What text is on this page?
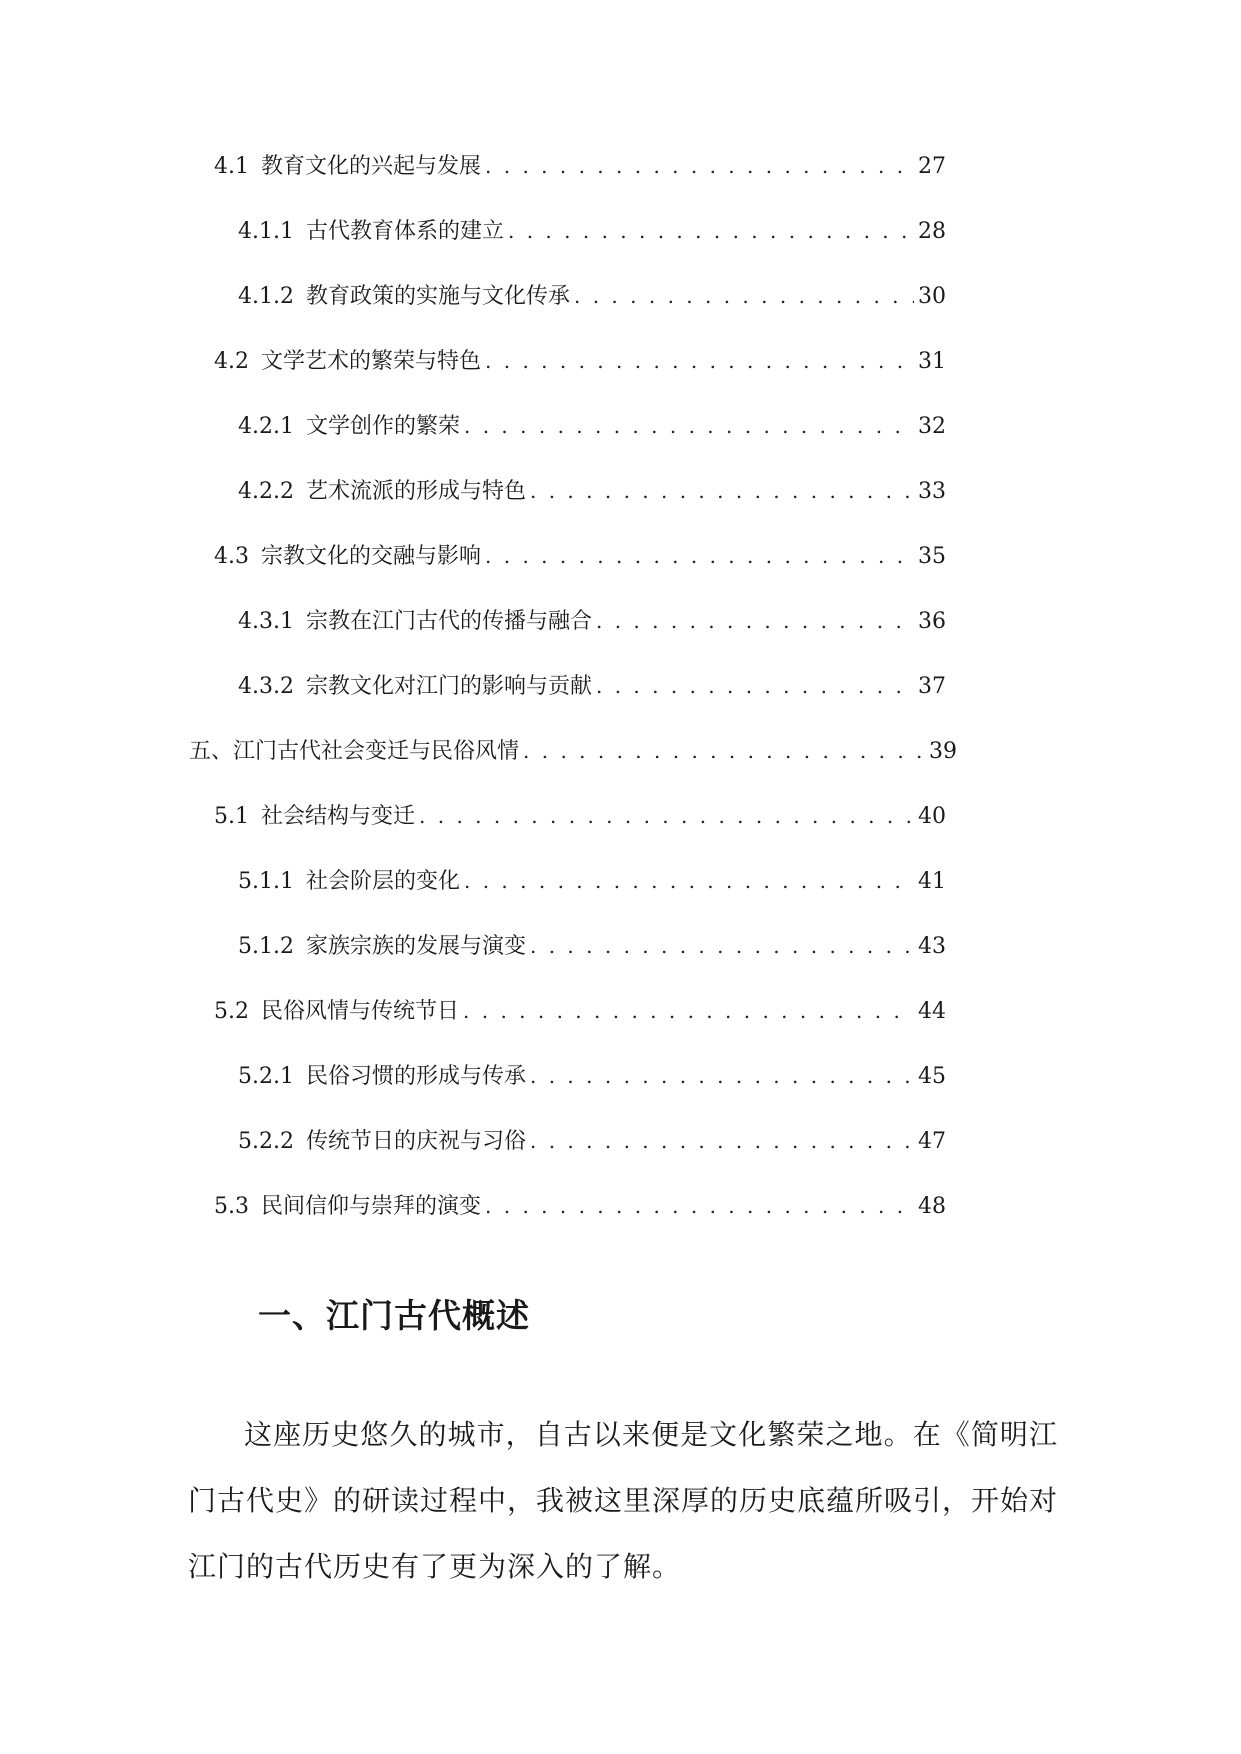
4.1 教育文化的兴起与发展 . . .	27
4.1.1 古代教育体系的建立 . . .	28
4.1.2 教育政策的实施与文化传承 . . .	30
4.2 文学艺术的繁荣与特色 . . .	31
4.2.1 文学创作的繁荣 . . .	32
4.2.2 艺术流派的形成与特色 . . .	33
4.3 宗教文化的交融与影响 . . .	35
4.3.1 宗教在江门古代的传播与融合 . . .	36
4.3.2 宗教文化对江门的影响与贡献 . . .	37
五、江门古代社会变迁与民俗风情 . . .	39
5.1 社会结构与变迁 . . .	40
5.1.1 社会阶层的变化 . . .	41
5.1.2 家族宗族的发展与演变 . . .	43
5.2 民俗风情与传统节日 . . .	44
5.2.1 民俗习惯的形成与传承 . . .	45
5.2.2 传统节日的庆祝与习俗 . . .	47
5.3 民间信仰与崇拜的演变 . . .	48
一、江门古代概述

这座历史悠久的城市，自古以来便是文化繁荣之地。在《简明江门古代史》的研读过程中，我被这里深厚的历史底蕴所吸引，开始对江门的古代历史有了更为深入的了解。
